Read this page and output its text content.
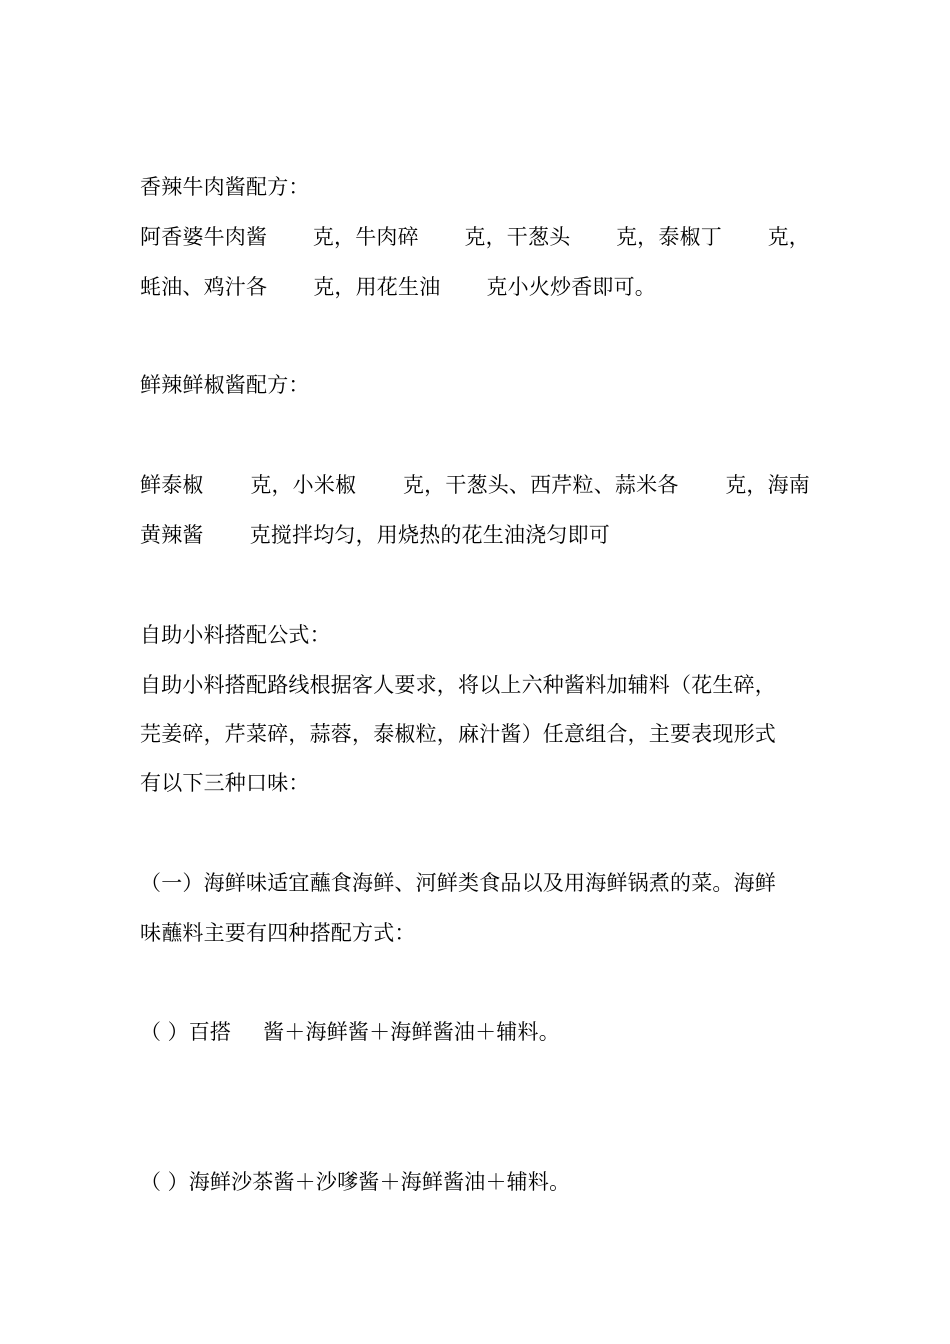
香辣牛肉酱配方：
阿香婆牛肉酱 克，牛肉碎 克，干葱头 克，泰椒丁 克，
蚝油、鸡汁各 克，用花生油 克小火炒香即可。
鲜辣鲜椒酱配方：
鲜泰椒 克，小米椒 克，干葱头、西芹粒、蒜米各 克，海南
黄辣酱 克搅拌均匀，用烧热的花生油浇匀即可
自助小料搭配公式：
自助小料搭配路线根据客人要求，将以上六种酱料加辅料（花生碎，
芫姜碎，芹菜碎，蒜蓉，泰椒粒，麻汁酱）任意组合，主要表现形式
有以下三种口味：
（一）海鲜味适宜蘸食海鲜、河鲜类食品以及用海鲜锅煮的菜。海鲜
味蘸料主要有四种搭配方式：
（ ）百搭 酱＋海鲜酱＋海鲜酱油＋辅料。
（ ）海鲜沙茶酱＋沙嗲酱＋海鲜酱油＋辅料。
